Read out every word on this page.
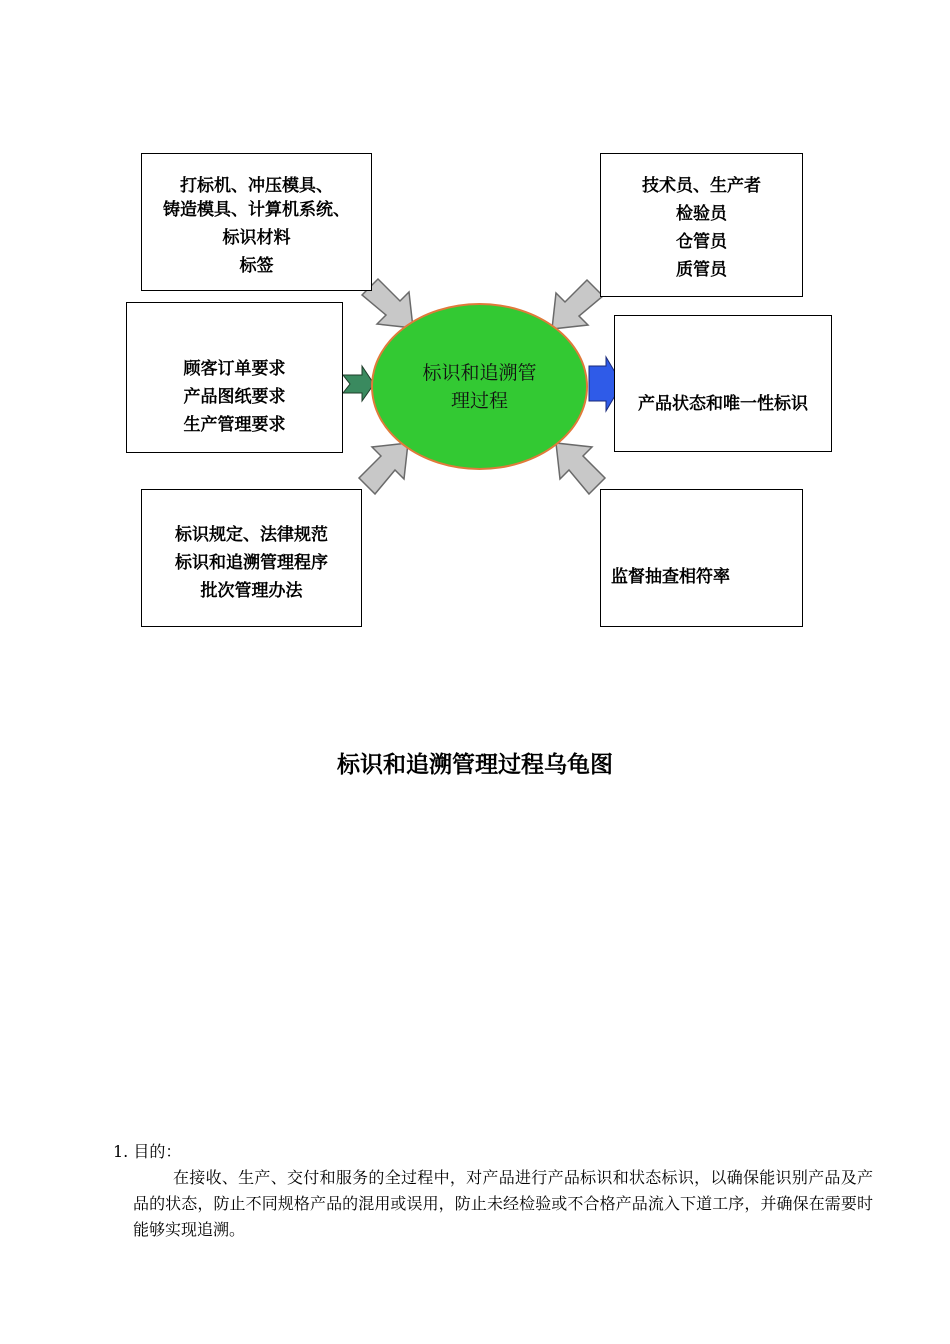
打标机、冲压模具、
铸造模具、计算机系统、
标识材料
标签
技术员、生产者
检验员
仓管员
质管员
顾客订单要求
产品图纸要求
生产管理要求
产品状态和唯一性标识
标识规定、法律规范
标识和追溯管理程序
批次管理办法
监督抽查相符率
标识和追溯管
理过程
标识和追溯管理过程乌龟图
1. 目的：
在接收、生产、交付和服务的全过程中，对产品进行产品标识和状态标识，以确保能识别产品及产品的状态，防止不同规格产品的混用或误用，防止未经检验或不合格产品流入下道工序，并确保在需要时能够实现追溯。
